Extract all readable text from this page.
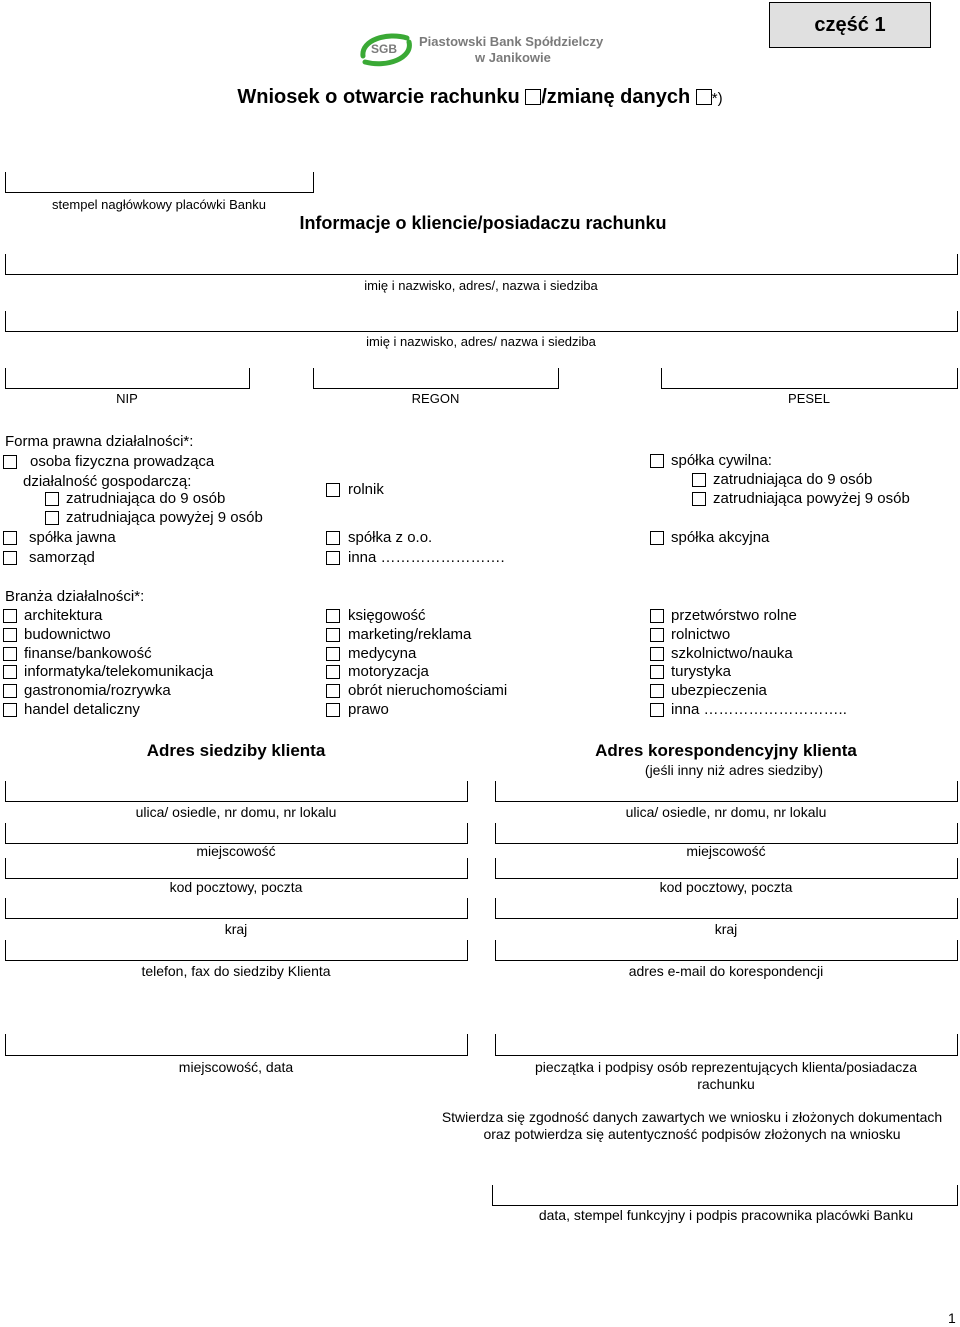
SGB Piastowski Bank Spółdzielczy
w Janikowie
część 1
Wniosek o otwarcie rachunku /zmianę danych *)
stempel nagłówkowy placówki Banku
Informacje o kliencie/posiadaczu rachunku
imię i nazwisko, adres/, nazwa i siedziba
imię i nazwisko, adres/ nazwa i siedziba
NIP	REGON	PESEL
Forma prawna działalności*:
osoba fizyczna prowadząca
działalność gospodarczą:
zatrudniająca do 9 osób
zatrudniająca powyżej 9 osób
spółka jawna
samorząd
rolnik
spółka z o.o.
inna …………………….
spółka cywilna:
zatrudniająca do 9 osób
zatrudniająca powyżej 9 osób
spółka akcyjna
Branża działalności*:
architektura
budownictwo
finanse/bankowość
informatyka/telekomunikacja
gastronomia/rozrywka
handel detaliczny
księgowość
marketing/reklama
medycyna
motoryzacja
obrót nieruchomościami
prawo
przetwórstwo rolne
rolnictwo
szkolnictwo/nauka
turystyka
ubezpieczenia
inna ………………………..
Adres siedziby klienta	Adres korespondencyjny klienta
(jeśli inny niż adres siedziby)
ulica/ osiedle, nr domu, nr lokalu
miejscowość
kod pocztowy, poczta
kraj
telefon, fax do siedziby Klienta
ulica/ osiedle, nr domu, nr lokalu
miejscowość
kod pocztowy, poczta
kraj
adres e-mail do korespondencji
miejscowość, data	pieczątka i podpisy osób reprezentujących klienta/posiadacza rachunku
Stwierdza się zgodność danych zawartych we wniosku i złożonych dokumentach
oraz potwierdza się autentyczność podpisów złożonych na wniosku
data, stempel funkcyjny i podpis pracownika placówki Banku
1
